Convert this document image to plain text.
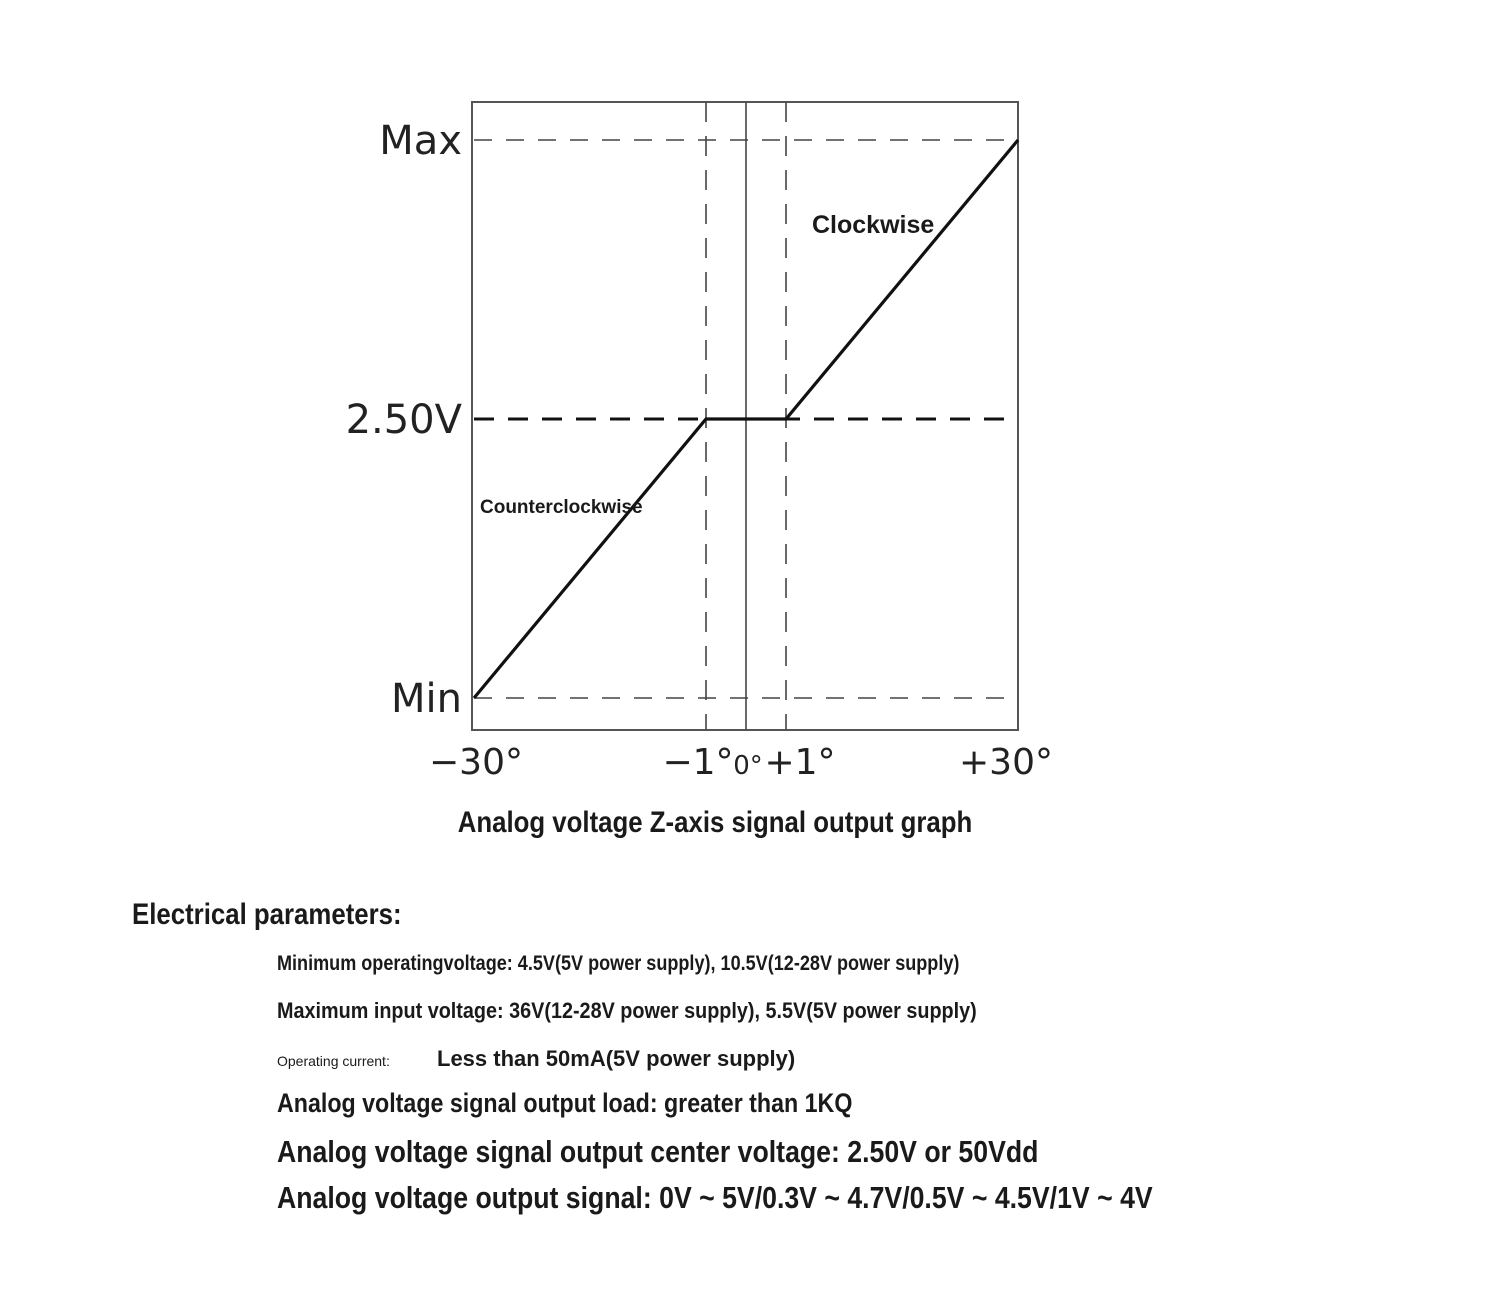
Min
2.50V
Max
−30°	−1° 0° +1°	+30°
Counterclockwise
Clockwise
Analog voltage Z-axis signal output graph
Electrical parameters:
Minimum operatingvoltage: 4.5V(5V power supply), 10.5V(12-28V power supply)
Maximum input voltage: 36V(12-28V power supply), 5.5V(5V power supply)
Operating current: Less than 50mA(5V power supply)
Analog voltage signal output load: greater than 1KQ
Analog voltage signal output center voltage: 2.50V or 50Vdd
Analog voltage output signal: 0V ~ 5V/0.3V ~ 4.7V/0.5V ~ 4.5V/1V ~ 4V
